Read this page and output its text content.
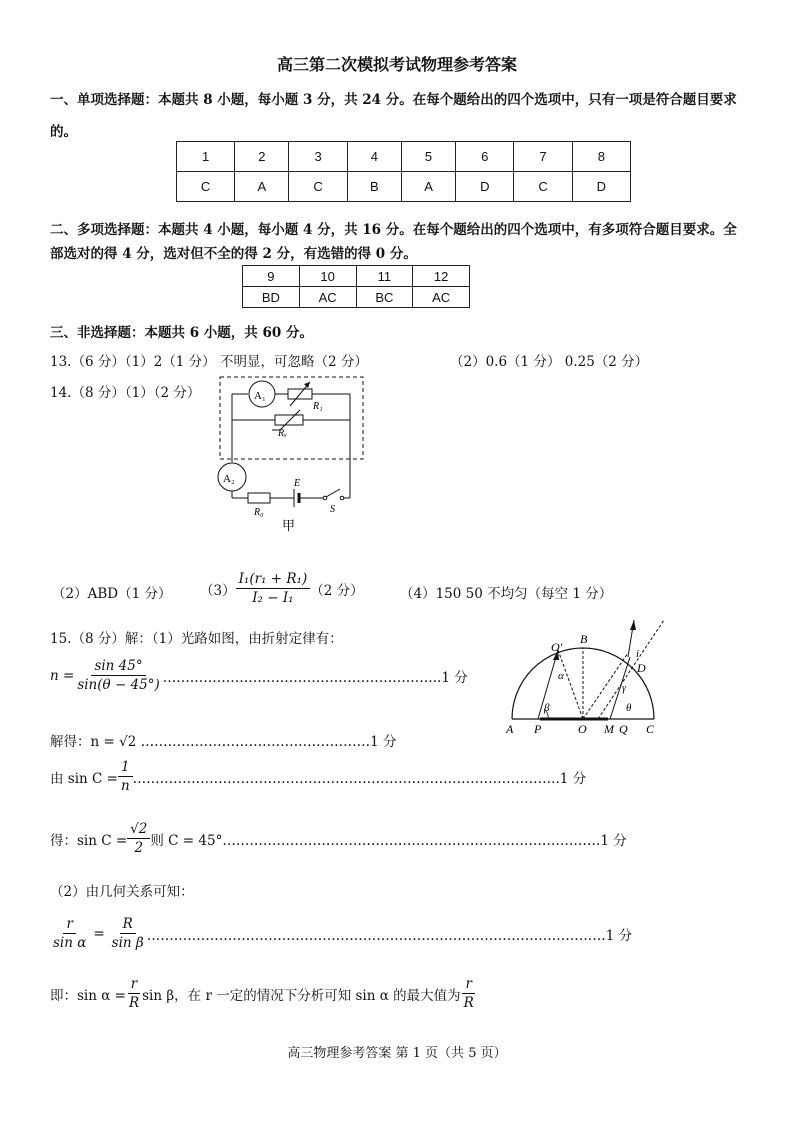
高三第二次模拟考试物理参考答案
一、单项选择题：本题共 8 小题，每小题 3 分，共 24 分。在每个题给出的四个选项中，只有一项是符合题目要求
的。
1	2	3	4	5	6	7	8
C	A	C	B	A	D	C	D
二、多项选择题：本题共 4 小题，每小题 4 分，共 16 分。在每个题给出的四个选项中，有多项符合题目要求。全
部选对的得 4 分，选对但不全的得 2 分，有选错的得 0 分。
9	10	11	12
BD	AC	BC	AC
三、非选择题：本题共 6 小题，共 60 分。
13.（6 分）（1）2（1 分） 不明显，可忽略（2 分）	（2）0.6（1 分） 0.25（2 分）
14.（8 分）（1）（2 分）	A₁
R₁
Rₓ
A₂
R₀
E
S
甲
（2）ABD（1 分） $(3) \frac{\text{I₁(r₁ + R₁)}}{\text{I₂ − I₁}} (2$ 分）	（4）150 50 不均匀（每空 1 分）
15.（8 分）解：（1）光路如图，由折射定律有：
$n = \frac{\sin 45^\circ}{\sin(\theta - 45^\circ)}$ ……………………………………………………..1 分
解得：n = √2 ……………………………………………1 分
由 $\sin C = \frac{1}{n}$ …………………………………………………………………………………..1 分
得：$\sin C = \frac{√2}{2}$ 则 C = 45° …………………………………………………………………………1 分
（2）由几何关系可知：
$\frac{r}{\text{sin α}} = \frac{R}{\text{sin β}}$ …………………………………………………………………………………………1 分
即：$\sin \alpha = \frac{r}{R}$ sin β，在 r 一定的情况下分析可知 sin α 的最大值为 $\frac{r}{R}$
B
O′
D
i
α
β
γ
θ
A P	O M Q C
高三物理参考答案 第 1 页（共 5 页）
